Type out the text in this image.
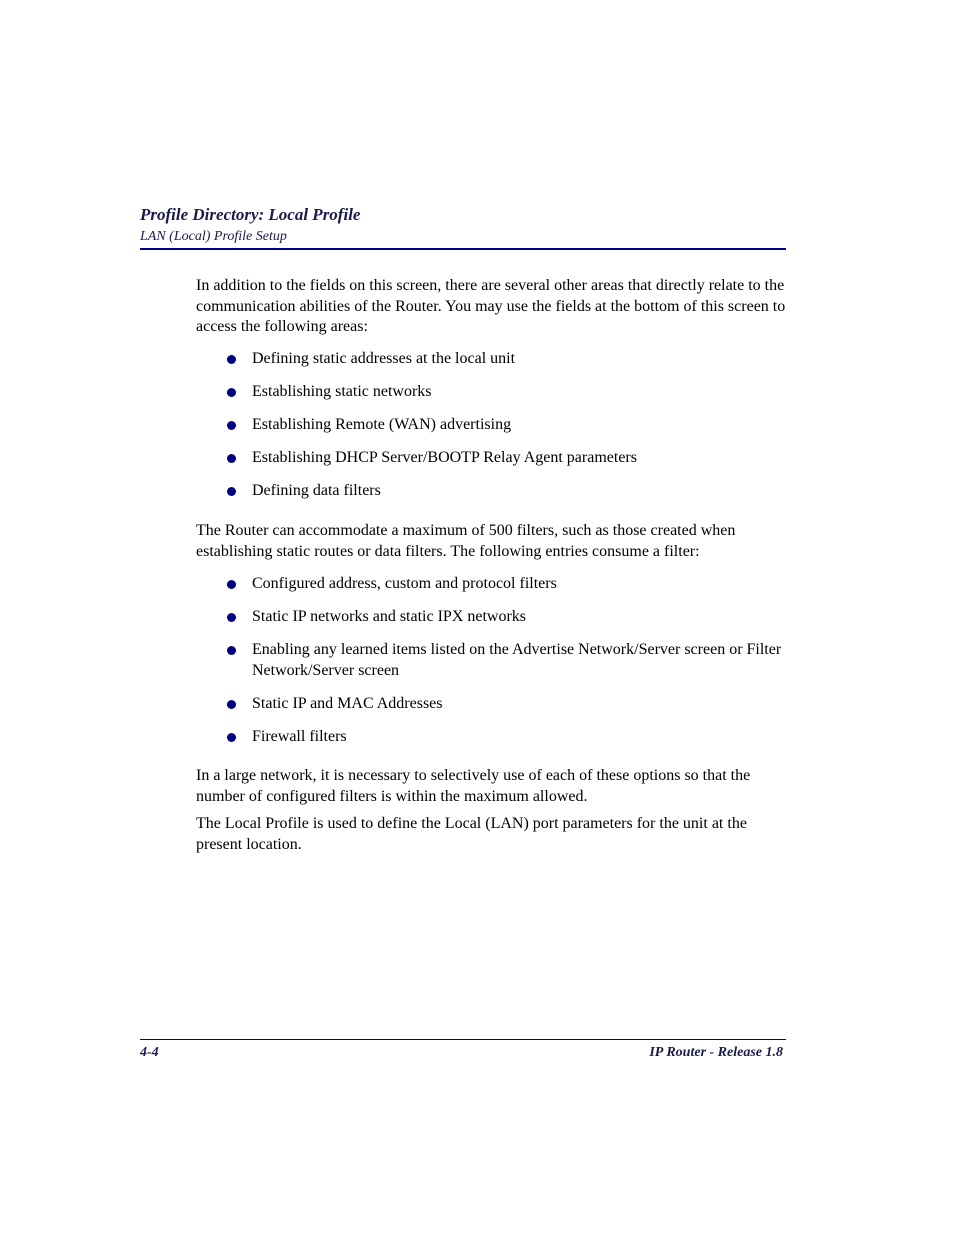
Profile Directory: Local Profile
LAN (Local) Profile Setup

In addition to the fields on this screen, there are several other areas that directly relate to the communication abilities of the Router. You may use the fields at the bottom of this screen to access the following areas:

Defining static addresses at the local unit
Establishing static networks
Establishing Remote (WAN) advertising
Establishing DHCP Server/BOOTP Relay Agent parameters
Defining data filters

The Router can accommodate a maximum of 500 filters, such as those created when establishing static routes or data filters. The following entries consume a filter:

Configured address, custom and protocol filters
Static IP networks and static IPX networks
Enabling any learned items listed on the Advertise Network/Server screen or Filter Network/Server screen
Static IP and MAC Addresses
Firewall filters

In a large network, it is necessary to selectively use of each of these options so that the number of configured filters is within the maximum allowed.

The Local Profile is used to define the Local (LAN) port parameters for the unit at the present location.

4-4	IP Router - Release 1.8
